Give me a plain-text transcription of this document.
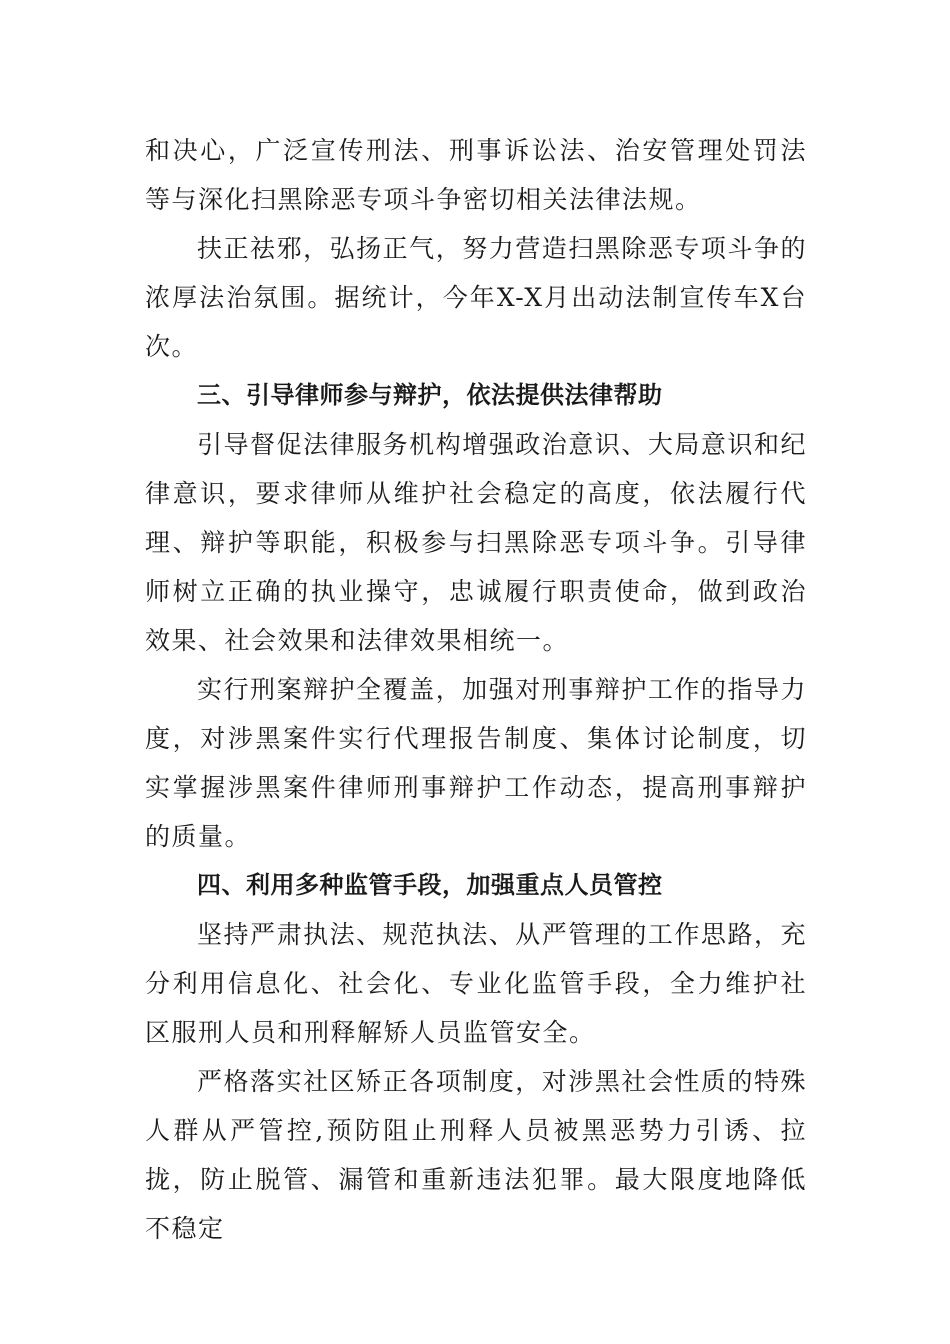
和决心，广泛宣传刑法、刑事诉讼法、治安管理处罚法等与深化扫黑除恶专项斗争密切相关法律法规。

扶正祛邪，弘扬正气，努力营造扫黑除恶专项斗争的浓厚法治氛围。据统计，今年X-X月出动法制宣传车X台次。

三、引导律师参与辩护，依法提供法律帮助

引导督促法律服务机构增强政治意识、大局意识和纪律意识，要求律师从维护社会稳定的高度，依法履行代理、辩护等职能，积极参与扫黑除恶专项斗争。引导律师树立正确的执业操守，忠诚履行职责使命，做到政治效果、社会效果和法律效果相统一。

实行刑案辩护全覆盖，加强对刑事辩护工作的指导力度，对涉黑案件实行代理报告制度、集体讨论制度，切实掌握涉黑案件律师刑事辩护工作动态，提高刑事辩护的质量。

四、利用多种监管手段，加强重点人员管控

坚持严肃执法、规范执法、从严管理的工作思路，充分利用信息化、社会化、专业化监管手段，全力维护社区服刑人员和刑释解矫人员监管安全。

严格落实社区矫正各项制度，对涉黑社会性质的特殊人群从严管控,预防阻止刑释人员被黑恶势力引诱、拉拢，防止脱管、漏管和重新违法犯罪。最大限度地降低不稳定
